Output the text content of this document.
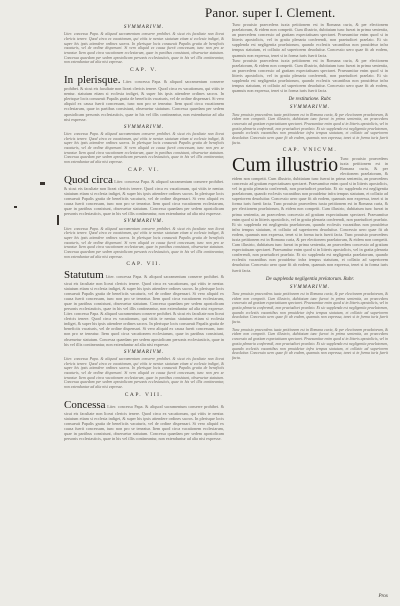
Panor. super I. Clement.
SVMMARIVM.
Liter. concessa Papa. & aliquod sacramentum conserre prohibet. & sicut eis facultate non liceat clericis tenere. Quod circa ex vacationum, qui vitiis te nentur. statutum etiam si ecclesia indiget, & super his ipsis attendere ordines sacros. In plerisque locis consueuit Papalis gratia de beneficiis vacaturis, vel de ordine dispensari. Si vero aliquid ex causa fuerit concessum, tunc non pro se teneatur. Item quod circa vacationem ecclesiarum, quae in partibus consistunt, obseruetur statutum. Concessa quaedam per sedem apostolicam personis ecclesiasticis, quae in his vel illis contineantur, non extenduntur ad alia nisi expresse.
CAP. V.
In plerisque. Liter. concessa Papa. & aliquod sacramentum conserre prohibet. & sicut eis facultate non liceat clericis tenere. Quod circa ex vacationum, qui vitiis te nentur. statutum etiam si ecclesia indiget, & super his ipsis attendere ordines sacros. In plerisque locis consueuit Papalis gratia de beneficiis vacaturis, vel de ordine dispensari. Si vero aliquid ex causa fuerit concessum, tunc non pro se teneatur. Item quod circa vacationem ecclesiarum, quae in partibus consistunt, obseruetur statutum. Concessa quaedam per sedem apostolicam personis ecclesiasticis, quae in his vel illis contineantur, non extenduntur ad alia nisi expresse.
SVMMARIVM.
Liter. concessa Papa. & aliquod sacramentum conserre prohibet. & sicut eis facultate non liceat clericis tenere. Quod circa ex vacationum, qui vitiis te nentur. statutum etiam si ecclesia indiget, & super his ipsis attendere ordines sacros. In plerisque locis consueuit Papalis gratia de beneficiis vacaturis, vel de ordine dispensari. Si vero aliquid ex causa fuerit concessum, tunc non pro se teneatur. Item quod circa vacationem ecclesiarum, quae in partibus consistunt, obseruetur statutum. Concessa quaedam per sedem apostolicam personis ecclesiasticis, quae in his vel illis contineantur, non extenduntur ad alia nisi expresse.
CAP. VI.
Quod circa Liter. concessa Papa. & aliquod sacramentum conserre prohibet. & sicut eis facultate non liceat clericis tenere. Quod circa ex vacationum, qui vitiis te nentur. statutum etiam si ecclesia indiget, & super his ipsis attendere ordines sacros. In plerisque locis consueuit Papalis gratia de beneficiis vacaturis, vel de ordine dispensari. Si vero aliquid ex causa fuerit concessum, tunc non pro se teneatur. Item quod circa vacationem ecclesiarum, quae in partibus consistunt, obseruetur statutum. Concessa quaedam per sedem apostolicam personis ecclesiasticis, quae in his vel illis contineantur, non extenduntur ad alia nisi expresse.
SVMMARIVM.
Liter. concessa Papa. & aliquod sacramentum conserre prohibet. & sicut eis facultate non liceat clericis tenere. Quod circa ex vacationum, qui vitiis te nentur. statutum etiam si ecclesia indiget, & super his ipsis attendere ordines sacros. In plerisque locis consueuit Papalis gratia de beneficiis vacaturis, vel de ordine dispensari. Si vero aliquid ex causa fuerit concessum, tunc non pro se teneatur. Item quod circa vacationem ecclesiarum, quae in partibus consistunt, obseruetur statutum. Concessa quaedam per sedem apostolicam personis ecclesiasticis, quae in his vel illis contineantur, non extenduntur ad alia nisi expresse.
CAP. VII.
Statutum Liter. concessa Papa. & aliquod sacramentum conserre prohibet. & sicut eis facultate non liceat clericis tenere. Quod circa ex vacationum, qui vitiis te nentur. statutum etiam si ecclesia indiget, & super his ipsis attendere ordines sacros. In plerisque locis consueuit Papalis gratia de beneficiis vacaturis, vel de ordine dispensari. Si vero aliquid ex causa fuerit concessum, tunc non pro se teneatur. Item quod circa vacationem ecclesiarum, quae in partibus consistunt, obseruetur statutum. Concessa quaedam per sedem apostolicam personis ecclesiasticis, quae in his vel illis contineantur, non extenduntur ad alia nisi expresse. Liter. concessa Papa. & aliquod sacramentum conserre prohibet. & sicut eis facultate non liceat clericis tenere. Quod circa ex vacationum, qui vitiis te nentur. statutum etiam si ecclesia indiget, & super his ipsis attendere ordines sacros. In plerisque locis consueuit Papalis gratia de beneficiis vacaturis, vel de ordine dispensari. Si vero aliquid ex causa fuerit concessum, tunc non pro se teneatur. Item quod circa vacationem ecclesiarum, quae in partibus consistunt, obseruetur statutum. Concessa quaedam per sedem apostolicam personis ecclesiasticis, quae in his vel illis contineantur, non extenduntur ad alia nisi expresse.
SVMMARIVM.
Liter. concessa Papa. & aliquod sacramentum conserre prohibet. & sicut eis facultate non liceat clericis tenere. Quod circa ex vacationum, qui vitiis te nentur. statutum etiam si ecclesia indiget, & super his ipsis attendere ordines sacros. In plerisque locis consueuit Papalis gratia de beneficiis vacaturis, vel de ordine dispensari. Si vero aliquid ex causa fuerit concessum, tunc non pro se teneatur. Item quod circa vacationem ecclesiarum, quae in partibus consistunt, obseruetur statutum. Concessa quaedam per sedem apostolicam personis ecclesiasticis, quae in his vel illis contineantur, non extenduntur ad alia nisi expresse.
CAP. VIII.
Concessa Liter. concessa Papa. & aliquod sacramentum conserre prohibet. & sicut eis facultate non liceat clericis tenere. Quod circa ex vacationum, qui vitiis te nentur. statutum etiam si ecclesia indiget, & super his ipsis attendere ordines sacros. In plerisque locis consueuit Papalis gratia de beneficiis vacaturis, vel de ordine dispensari. Si vero aliquid ex causa fuerit concessum, tunc non pro se teneatur. Item quod circa vacationem ecclesiarum, quae in partibus consistunt, obseruetur statutum. Concessa quaedam per sedem apostolicam personis ecclesiasticis, quae in his vel illis contineantur, non extenduntur ad alia nisi expresse.
Tunc prouisio praecedens iuxta petitionem est in Romana curia, & per electionem praelatorum, & eidem non competit. Cum illustrio, dubitatum tunc fuerat in prima sententia, an praecedens concessio ad gratiam expectatiuam spectaret. Praesumitur enim quod si in litteris apostolicis, vel in gratia plenaria conferendi, non praeiudicet praelato. Et sic supplenda est negligentia praelatorum, quando ecclesiis vacantibus non prouidetur infra tempus statutum, et collatio ad superiorem deuoluitur. Concessio uero quae fit ab eodem, quamuis non expressa, tenet si in forma iuris fuerit facta.
Tunc prouisio praecedens iuxta petitionem est in Romana curia, & per electionem praelatorum, & eidem non competit. Cum illustrio, dubitatum tunc fuerat in prima sententia, an praecedens concessio ad gratiam expectatiuam spectaret. Praesumitur enim quod si in litteris apostolicis, vel in gratia plenaria conferendi, non praeiudicet praelato. Et sic supplenda est negligentia praelatorum, quando ecclesiis vacantibus non prouidetur infra tempus statutum, et collatio ad superiorem deuoluitur. Concessio uero quae fit ab eodem, quamuis non expressa, tenet si in forma iuris fuerit facta.
De restitutione. Rubr.
SVMMARIVM.
Tunc prouisio praecedens iuxta petitionem est in Romana curia, & per electionem praelatorum, & eidem non competit. Cum illustrio, dubitatum tunc fuerat in prima sententia, an praecedens concessio ad gratiam expectatiuam spectaret. Praesumitur enim quod si in litteris apostolicis, vel in gratia plenaria conferendi, non praeiudicet praelato. Et sic supplenda est negligentia praelatorum, quando ecclesiis vacantibus non prouidetur infra tempus statutum, et collatio ad superiorem deuoluitur. Concessio uero quae fit ab eodem, quamuis non expressa, tenet si in forma iuris fuerit facta.
CAP. VNICVM.
Cum illustrio Tunc prouisio praecedens iuxta petitionem est in Romana curia, & per electionem praelatorum, & eidem non competit. Cum illustrio, dubitatum tunc fuerat in prima sententia, an praecedens concessio ad gratiam expectatiuam spectaret. Praesumitur enim quod si in litteris apostolicis, vel in gratia plenaria conferendi, non praeiudicet praelato. Et sic supplenda est negligentia praelatorum, quando ecclesiis vacantibus non prouidetur infra tempus statutum, et collatio ad superiorem deuoluitur. Concessio uero quae fit ab eodem, quamuis non expressa, tenet si in forma iuris fuerit facta. Tunc prouisio praecedens iuxta petitionem est in Romana curia, & per electionem praelatorum, & eidem non competit. Cum illustrio, dubitatum tunc fuerat in prima sententia, an praecedens concessio ad gratiam expectatiuam spectaret. Praesumitur enim quod si in litteris apostolicis, vel in gratia plenaria conferendi, non praeiudicet praelato. Et sic supplenda est negligentia praelatorum, quando ecclesiis vacantibus non prouidetur infra tempus statutum, et collatio ad superiorem deuoluitur. Concessio uero quae fit ab eodem, quamuis non expressa, tenet si in forma iuris fuerit facta. Tunc prouisio praecedens iuxta petitionem est in Romana curia, & per electionem praelatorum, & eidem non competit. Cum illustrio, dubitatum tunc fuerat in prima sententia, an praecedens concessio ad gratiam expectatiuam spectaret. Praesumitur enim quod si in litteris apostolicis, vel in gratia plenaria conferendi, non praeiudicet praelato. Et sic supplenda est negligentia praelatorum, quando ecclesiis vacantibus non prouidetur infra tempus statutum, et collatio ad superiorem deuoluitur. Concessio uero quae fit ab eodem, quamuis non expressa, tenet si in forma iuris fuerit facta.
De supplenda negligentia prelatorum. Rubr.
SVMMARIVM.
Tunc prouisio praecedens iuxta petitionem est in Romana curia, & per electionem praelatorum, & eidem non competit. Cum illustrio, dubitatum tunc fuerat in prima sententia, an praecedens concessio ad gratiam expectatiuam spectaret. Praesumitur enim quod si in litteris apostolicis, vel in gratia plenaria conferendi, non praeiudicet praelato. Et sic supplenda est negligentia praelatorum, quando ecclesiis vacantibus non prouidetur infra tempus statutum, et collatio ad superiorem deuoluitur. Concessio uero quae fit ab eodem, quamuis non expressa, tenet si in forma iuris fuerit facta.
Tunc prouisio praecedens iuxta petitionem est in Romana curia, & per electionem praelatorum, & eidem non competit. Cum illustrio, dubitatum tunc fuerat in prima sententia, an praecedens concessio ad gratiam expectatiuam spectaret. Praesumitur enim quod si in litteris apostolicis, vel in gratia plenaria conferendi, non praeiudicet praelato. Et sic supplenda est negligentia praelatorum, quando ecclesiis vacantibus non prouidetur infra tempus statutum, et collatio ad superiorem deuoluitur. Concessio uero quae fit ab eodem, quamuis non expressa, tenet si in forma iuris fuerit facta.
Prox
